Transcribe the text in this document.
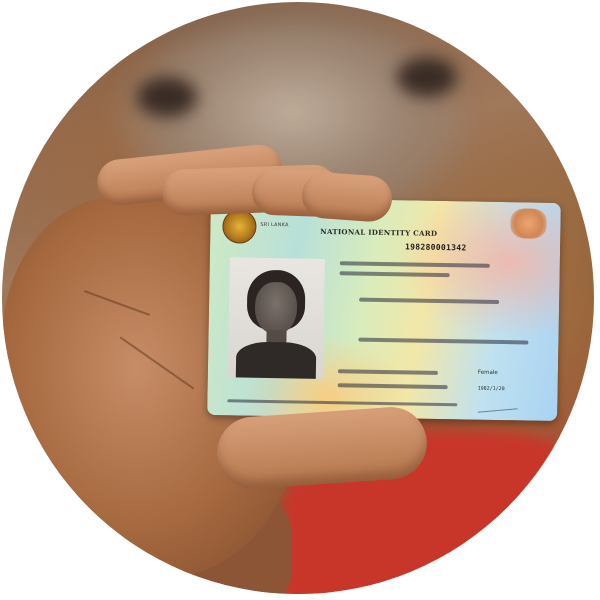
SRI LANKA
NATIONAL IDENTITY CARD
198280001342
Female
1982/1/20
